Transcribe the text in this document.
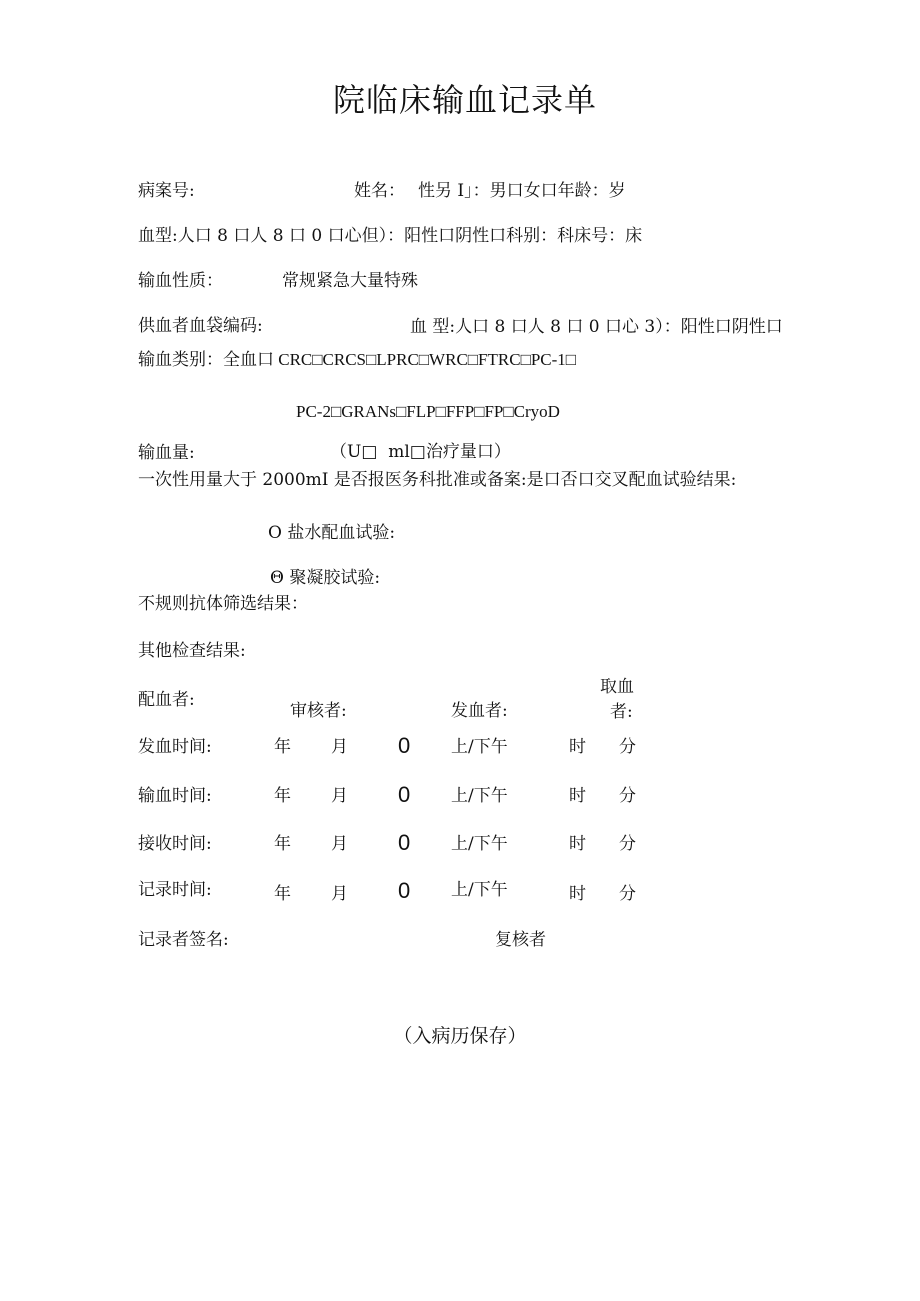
院临床输血记录单
病案号:	姓名： 性另 I」：男口女口年龄：岁
血型:人口 8 口人 8 口 0 口心但）：阳性口阴性口科别：科床号：床
输血性质：	常规紧急大量特殊
供血者血袋编码:	血 型:人口 8 口人 8 口 0 口心 3）：阳性口阴性口
输血类别：全血口 CRC□CRCS□LPRC□WRC□FTRC□PC-1□
PC-2□GRANs□FLP□FFP□FP□CryoD
输血量:	（U□  ml□治疗量口）
一次性用量大于 2000mI 是否报医务科批准或备案:是口否口交叉配血试验结果:
O 盐水配血试验:
Θ 聚凝胶试验:
不规则抗体筛选结果：
其他检查结果:
配血者:
审核者:	发血者:
取血
者:
发血时间:	年 月 0 上/下午	时 分
输血时间:	年 月 0 上/下午	时 分
接收时间:	年 月 0 上/下午	时 分
记录时间:	年 月 0 上/下午	时 分
记录者签名:	复核者
（入病历保存）
